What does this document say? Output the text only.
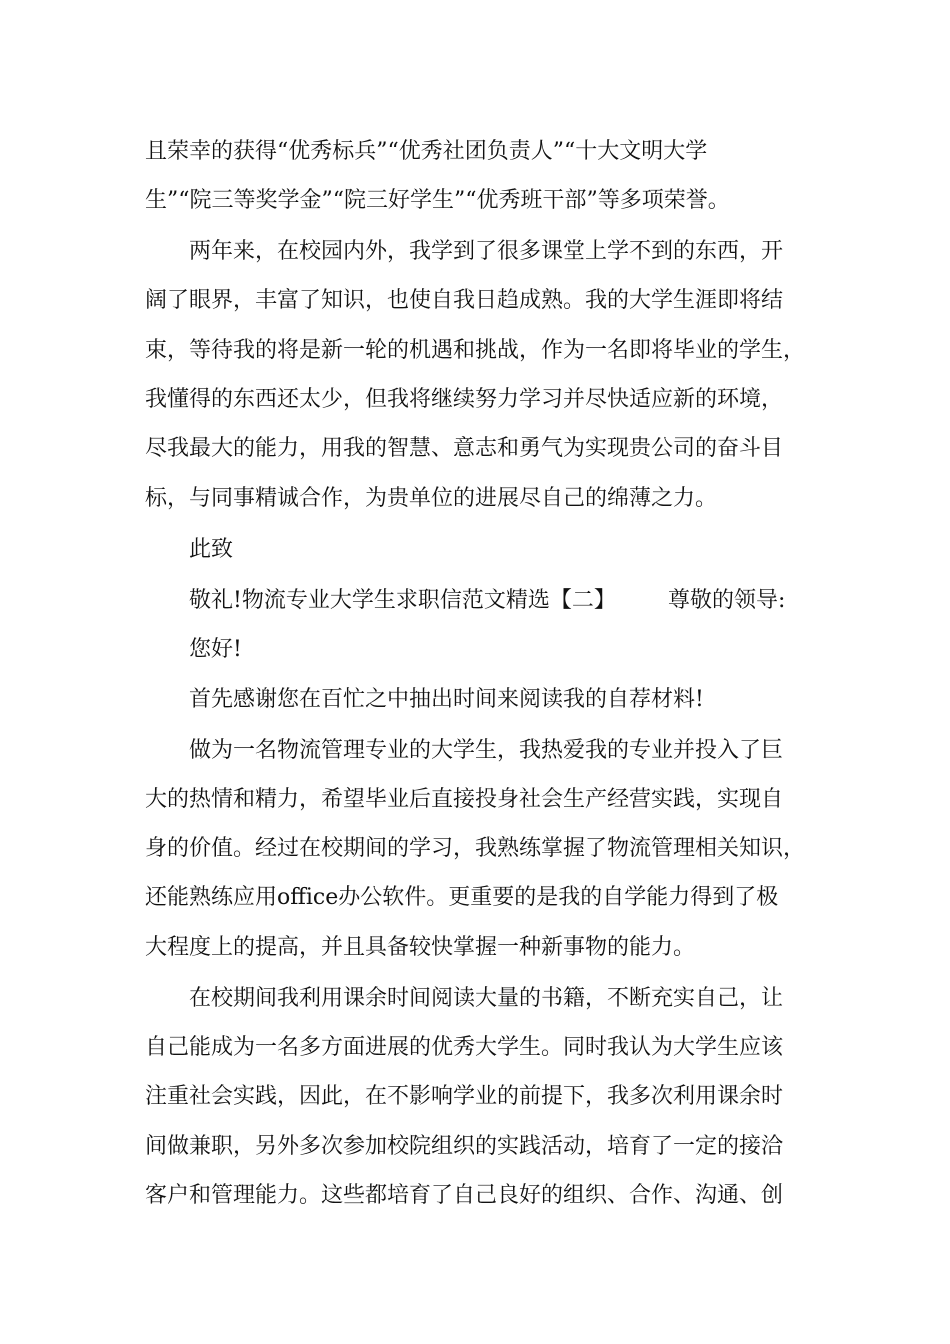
且荣幸的获得“优秀标兵”“优秀社团负责人”“十大文明大学
生”“院三等奖学金”“院三好学生”“优秀班干部”等多项荣誉。
两年来，在校园内外，我学到了很多课堂上学不到的东西，开
阔了眼界，丰富了知识，也使自我日趋成熟。我的大学生涯即将结
束，等待我的将是新一轮的机遇和挑战，作为一名即将毕业的学生，
我懂得的东西还太少，但我将继续努力学习并尽快适应新的环境，
尽我最大的能力，用我的智慧、意志和勇气为实现贵公司的奋斗目
标，与同事精诚合作，为贵单位的进展尽自己的绵薄之力。
此致
敬礼!物流专业大学生求职信范文精选【二】 尊敬的领导:
您好!
首先感谢您在百忙之中抽出时间来阅读我的自荐材料!
做为一名物流管理专业的大学生，我热爱我的专业并投入了巨
大的热情和精力，希望毕业后直接投身社会生产经营实践，实现自
身的价值。经过在校期间的学习，我熟练掌握了物流管理相关知识，
还能熟练应用office办公软件。更重要的是我的自学能力得到了极
大程度上的提高，并且具备较快掌握一种新事物的能力。
在校期间我利用课余时间阅读大量的书籍，不断充实自己，让
自己能成为一名多方面进展的优秀大学生。同时我认为大学生应该
注重社会实践，因此，在不影响学业的前提下，我多次利用课余时
间做兼职，另外多次参加校院组织的实践活动，培育了一定的接洽
客户和管理能力。这些都培育了自己良好的组织、合作、沟通、创
